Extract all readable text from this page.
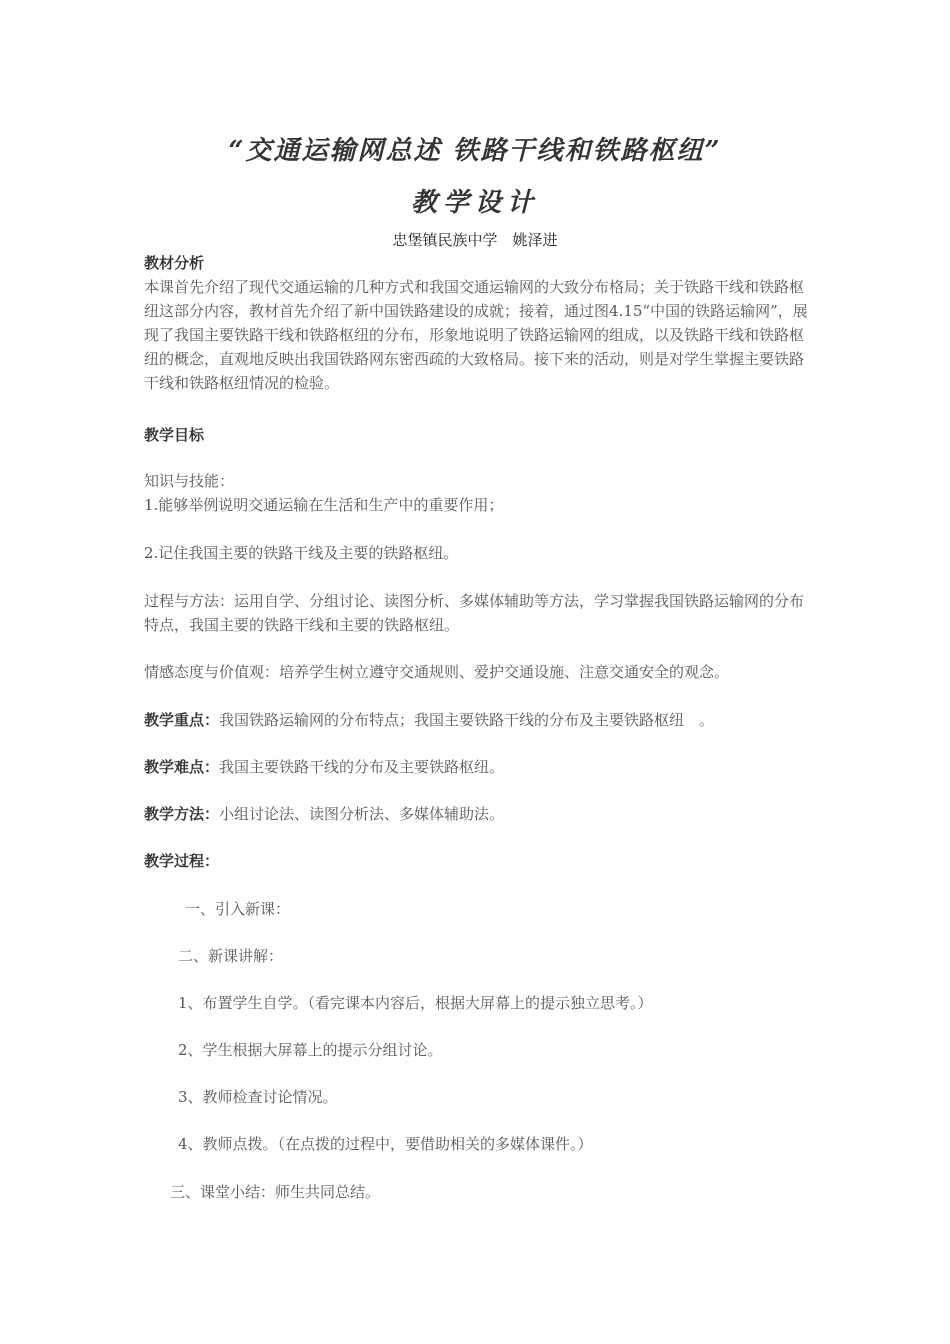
“交通运输网总述 铁路干线和铁路枢纽”
教学设计
忠堡镇民族中学　姚泽进
教材分析
本课首先介绍了现代交通运输的几种方式和我国交通运输网的大致分布格局；关于铁路干线和铁路枢纽这部分内容，教材首先介绍了新中国铁路建设的成就；接着，通过图4.15“中国的铁路运输网”，展现了我国主要铁路干线和铁路枢纽的分布，形象地说明了铁路运输网的组成，以及铁路干线和铁路枢纽的概念，直观地反映出我国铁路网东密西疏的大致格局。接下来的活动，则是对学生掌握主要铁路干线和铁路枢纽情况的检验。
教学目标
知识与技能：
1.能够举例说明交通运输在生活和生产中的重要作用；
2.记住我国主要的铁路干线及主要的铁路枢纽。
过程与方法：运用自学、分组讨论、读图分析、多媒体辅助等方法，学习掌握我国铁路运输网的分布特点，我国主要的铁路干线和主要的铁路枢纽。
情感态度与价值观：培养学生树立遵守交通规则、爱护交通设施、注意交通安全的观念。
教学重点：我国铁路运输网的分布特点；我国主要铁路干线的分布及主要铁路枢纽　。
教学难点：我国主要铁路干线的分布及主要铁路枢纽。
教学方法：小组讨论法、读图分析法、多媒体辅助法。
教学过程：
一、引入新课：
二、新课讲解：
1、布置学生自学。（看完课本内容后，根据大屏幕上的提示独立思考。）
2、学生根据大屏幕上的提示分组讨论。
3、教师检查讨论情况。
4、教师点拨。（在点拨的过程中，要借助相关的多媒体课件。）
三、课堂小结：师生共同总结。
